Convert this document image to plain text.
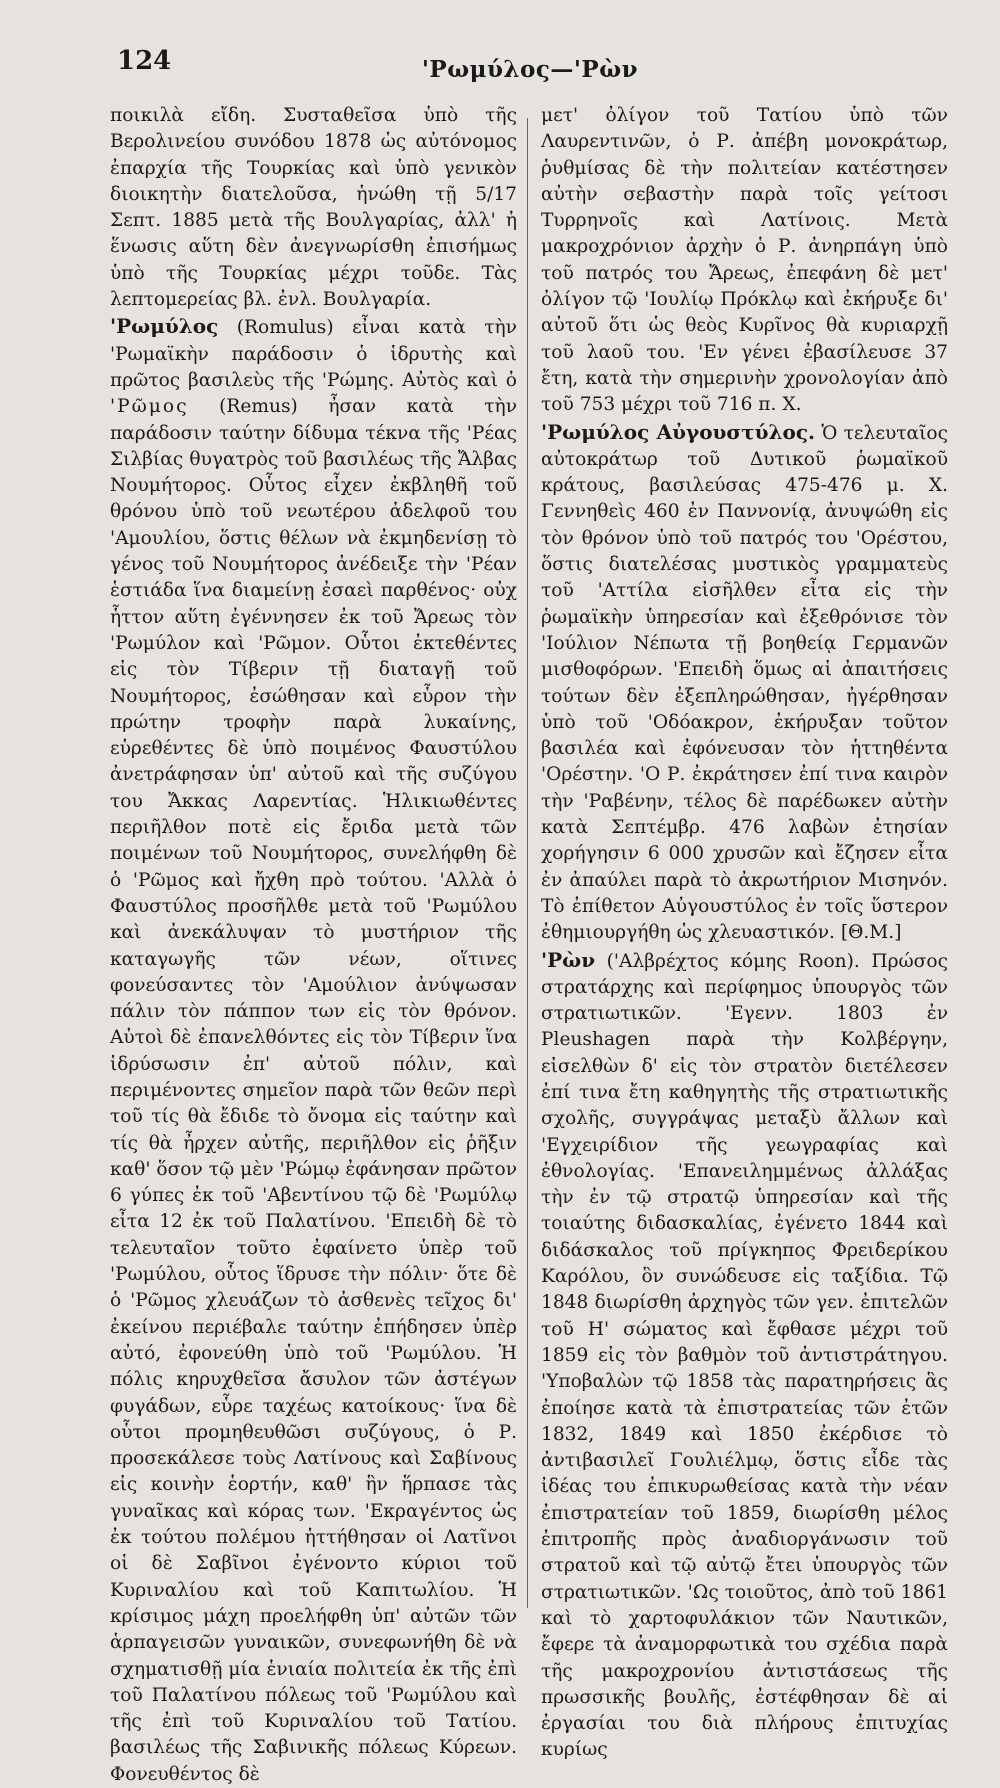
124	'Ρωμύλος—'Ρὼν

ποικιλὰ εἴδη. Συσταθεῖσα ὑπὸ τῆς Βερολινείου συνόδου 1878 ὡς αὐτόνομος ἐπαρχία τῆς Τουρκίας καὶ ὑπὸ γενικὸν διοικητὴν διατελοῦσα, ἡνώθη τῇ 5/17 Σεπτ. 1885 μετὰ τῆς Βουλγαρίας, ἀλλ' ἡ ἕνωσις αὕτη δὲν ἀνεγνωρίσθη ἐπισήμως ὑπὸ τῆς Τουρκίας μέχρι τοῦδε. Τὰς λεπτομερείας βλ. ἐνλ. Βουλγαρία.

'Ρωμύλος (Romulus) εἶναι κατὰ τὴν 'Ρωμαϊκὴν παράδοσιν ὁ ἱδρυτὴς καὶ πρῶτος βασιλεὺς τῆς 'Ρώμης. Αὐτὸς καὶ ὁ 'Ρῶμος (Remus) ἦσαν κατὰ τὴν παράδοσιν ταύτην δίδυμα τέκνα τῆς 'Ρέας Σιλβίας θυγατρὸς τοῦ βασιλέως τῆς Ἄλβας Νουμήτορος. Οὗτος εἶχεν ἐκβληθῆ τοῦ θρόνου ὑπὸ τοῦ νεωτέρου ἀδελφοῦ του 'Αμουλίου, ὅστις θέλων νὰ ἐκμηδενίσῃ τὸ γένος τοῦ Νουμήτορος ἀνέδειξε τὴν 'Ρέαν ἑστιάδα ἵνα διαμείνῃ ἐσαεὶ παρθένος· οὐχ ἧττον αὕτη ἐγέννησεν ἐκ τοῦ Ἄρεως τὸν 'Ρωμύλον καὶ 'Ρῶμον. Οὗτοι ἐκτεθέντες εἰς τὸν Τίβεριν τῇ διαταγῇ τοῦ Νουμήτορος, ἐσώθησαν καὶ εὗρον τὴν πρώτην τροφὴν παρὰ λυκαίνης, εὑρεθέντες δὲ ὑπὸ ποιμένος Φαυστύλου ἀνετράφησαν ὑπ' αὐτοῦ καὶ τῆς συζύγου του Ἄκκας Λαρεντίας. Ἡλικιωθέντες περιῆλθον ποτὲ εἰς ἔριδα μετὰ τῶν ποιμένων τοῦ Νουμήτορος, συνελήφθη δὲ ὁ 'Ρῶμος καὶ ἤχθη πρὸ τούτου. 'Αλλὰ ὁ Φαυστύλος προσῆλθε μετὰ τοῦ 'Ρωμύλου καὶ ἀνεκάλυψαν τὸ μυστήριον τῆς καταγωγῆς τῶν νέων, οἵτινες φονεύσαντες τὸν 'Αμούλιον ἀνύψωσαν πάλιν τὸν πάππον των εἰς τὸν θρόνον. Αὐτοὶ δὲ ἐπανελθόντες εἰς τὸν Τίβεριν ἵνα ἱδρύσωσιν ἐπ' αὐτοῦ πόλιν, καὶ περιμένοντες σημεῖον παρὰ τῶν θεῶν περὶ τοῦ τίς θὰ ἔδιδε τὸ ὄνομα εἰς ταύτην καὶ τίς θὰ ἦρχεν αὐτῆς, περιῆλθον εἰς ῥῆξιν καθ' ὅσον τῷ μὲν 'Ρώμῳ ἐφάνησαν πρῶτον 6 γύπες ἐκ τοῦ 'Αβεντίνου τῷ δὲ 'Ρωμύλῳ εἶτα 12 ἐκ τοῦ Παλατίνου. 'Επειδὴ δὲ τὸ τελευταῖον τοῦτο ἐφαίνετο ὑπὲρ τοῦ 'Ρωμύλου, οὗτος ἵδρυσε τὴν πόλιν· ὅτε δὲ ὁ 'Ρῶμος χλευάζων τὸ ἀσθενὲς τεῖχος δι' ἐκείνου περιέβαλε ταύτην ἐπήδησεν ὑπὲρ αὐτό, ἐφονεύθη ὑπὸ τοῦ 'Ρωμύλου. Ἡ πόλις κηρυχθεῖσα ἄσυλον τῶν ἀστέγων φυγάδων, εὗρε ταχέως κατοίκους· ἵνα δὲ οὗτοι προμηθευθῶσι συζύγους, ὁ Ρ. προσεκάλεσε τοὺς Λατίνους καὶ Σαβίνους εἰς κοινὴν ἑορτήν, καθ' ἣν ἥρπασε τὰς γυναῖκας καὶ κόρας των. 'Εκραγέντος ὡς ἐκ τούτου πολέμου ἡττήθησαν οἱ Λατῖνοι οἱ δὲ Σαβῖνοι ἐγένοντο κύριοι τοῦ Κυριναλίου καὶ τοῦ Καπιτωλίου. Ἡ κρίσιμος μάχη προελήφθη ὑπ' αὐτῶν τῶν ἁρπαγεισῶν γυναικῶν, συνεφωνήθη δὲ νὰ σχηματισθῇ μία ἑνιαία πολιτεία ἐκ τῆς ἐπὶ τοῦ Παλατίνου πόλεως τοῦ 'Ρωμύλου καὶ τῆς ἐπὶ τοῦ Κυριναλίου τοῦ Τατίου. βασιλέως τῆς Σαβινικῆς πόλεως Κύρεων. Φονευθέντος δὲ

μετ' ὀλίγον τοῦ Τατίου ὑπὸ τῶν Λαυρεντινῶν, ὁ Ρ. ἀπέβη μονοκράτωρ, ῥυθμίσας δὲ τὴν πολιτείαν κατέστησεν αὐτὴν σεβαστὴν παρὰ τοῖς γείτοσι Τυρρηνοῖς καὶ Λατίνοις. Μετὰ μακροχρόνιον ἀρχὴν ὁ Ρ. ἀνηρπάγη ὑπὸ τοῦ πατρός του Ἄρεως, ἐπεφάνη δὲ μετ' ὀλίγον τῷ 'Ιουλίῳ Πρόκλῳ καὶ ἐκήρυξε δι' αὐτοῦ ὅτι ὡς θεὸς Κυρῖνος θὰ κυριαρχῇ τοῦ λαοῦ του. 'Εν γένει ἐβασίλευσε 37 ἔτη, κατὰ τὴν σημερινὴν χρονολογίαν ἀπὸ τοῦ 753 μέχρι τοῦ 716 π. Χ.

'Ρωμύλος Αὐγουστύλος. Ὁ τελευταῖος αὐτοκράτωρ τοῦ Δυτικοῦ ῥωμαϊκοῦ κράτους, βασιλεύσας 475-476 μ. Χ. Γεννηθεὶς 460 ἐν Παννονίᾳ, ἀνυψώθη εἰς τὸν θρόνον ὑπὸ τοῦ πατρός του 'Ορέστου, ὅστις διατελέσας μυστικὸς γραμματεὺς τοῦ 'Αττίλα εἰσῆλθεν εἶτα εἰς τὴν ῥωμαϊκὴν ὑπηρεσίαν καὶ ἐξεθρόνισε τὸν 'Ιούλιον Νέπωτα τῇ βοηθείᾳ Γερμανῶν μισθοφόρων. 'Επειδὴ ὅμως αἱ ἀπαιτήσεις τούτων δὲν ἐξεπληρώθησαν, ἠγέρθησαν ὑπὸ τοῦ 'Οδόακρον, ἐκήρυξαν τοῦτον βασιλέα καὶ ἐφόνευσαν τὸν ἡττηθέντα 'Ορέστην. 'Ο Ρ. ἐκράτησεν ἐπί τινα καιρὸν τὴν 'Ραβένην, τέλος δὲ παρέδωκεν αὐτὴν κατὰ Σεπτέμβρ. 476 λαβὼν ἐτησίαν χορήγησιν 6 000 χρυσῶν καὶ ἔζησεν εἶτα ἐν ἀπαύλει παρὰ τὸ ἀκρωτήριον Μισηνόν. Τὸ ἐπίθετον Αὐγουστύλος ἐν τοῖς ὕστερον ἐθημιουργήθη ὡς χλευαστικόν. [Θ.Μ.]

'Ρὼν ('Αλβρέχτος κόμης Roon). Πρώσος στρατάρχης καὶ περίφημος ὑπουργὸς τῶν στρατιωτικῶν. 'Εγενν. 1803 ἐν Pleushagen παρὰ τὴν Κολβέργην, εἰσελθὼν δ' εἰς τὸν στρατὸν διετέλεσεν ἐπί τινα ἔτη καθηγητὴς τῆς στρατιωτικῆς σχολῆς, συγγράψας μεταξὺ ἄλλων καὶ 'Εγχειρίδιον τῆς γεωγραφίας καὶ ἐθνολογίας. 'Επανειλημμένως ἀλλάξας τὴν ἐν τῷ στρατῷ ὑπηρεσίαν καὶ τῆς τοιαύτης διδασκαλίας, ἐγένετο 1844 καὶ διδάσκαλος τοῦ πρίγκηπος Φρειδερίκου Καρόλου, ὃν συνώδευσε εἰς ταξίδια. Τῷ 1848 διωρίσθη ἀρχηγὸς τῶν γεν. ἐπιτελῶν τοῦ Η' σώματος καὶ ἔφθασε μέχρι τοῦ 1859 εἰς τὸν βαθμὸν τοῦ ἀντιστράτηγου. 'Υποβαλὼν τῷ 1858 τὰς παρατηρήσεις ἃς ἐποίησε κατὰ τὰ ἐπιστρατείας τῶν ἐτῶν 1832, 1849 καὶ 1850 ἐκέρδισε τὸ ἀντιβασιλεῖ Γουλιέλμῳ, ὅστις εἶδε τὰς ἰδέας του ἐπικυρωθείσας κατὰ τὴν νέαν ἐπιστρατείαν τοῦ 1859, διωρίσθη μέλος ἐπιτροπῆς πρὸς ἀναδιοργάνωσιν τοῦ στρατοῦ καὶ τῷ αὐτῷ ἔτει ὑπουργὸς τῶν στρατιωτικῶν. 'Ως τοιοῦτος, ἀπὸ τοῦ 1861 καὶ τὸ χαρτοφυλάκιον τῶν Ναυτικῶν, ἔφερε τὰ ἀναμορφωτικὰ του σχέδια παρὰ τῆς μακροχρονίου ἀντιστάσεως τῆς πρωσσικῆς βουλῆς, ἐστέφθησαν δὲ αἱ ἐργασίαι του διὰ πλήρους ἐπιτυχίας κυρίως
